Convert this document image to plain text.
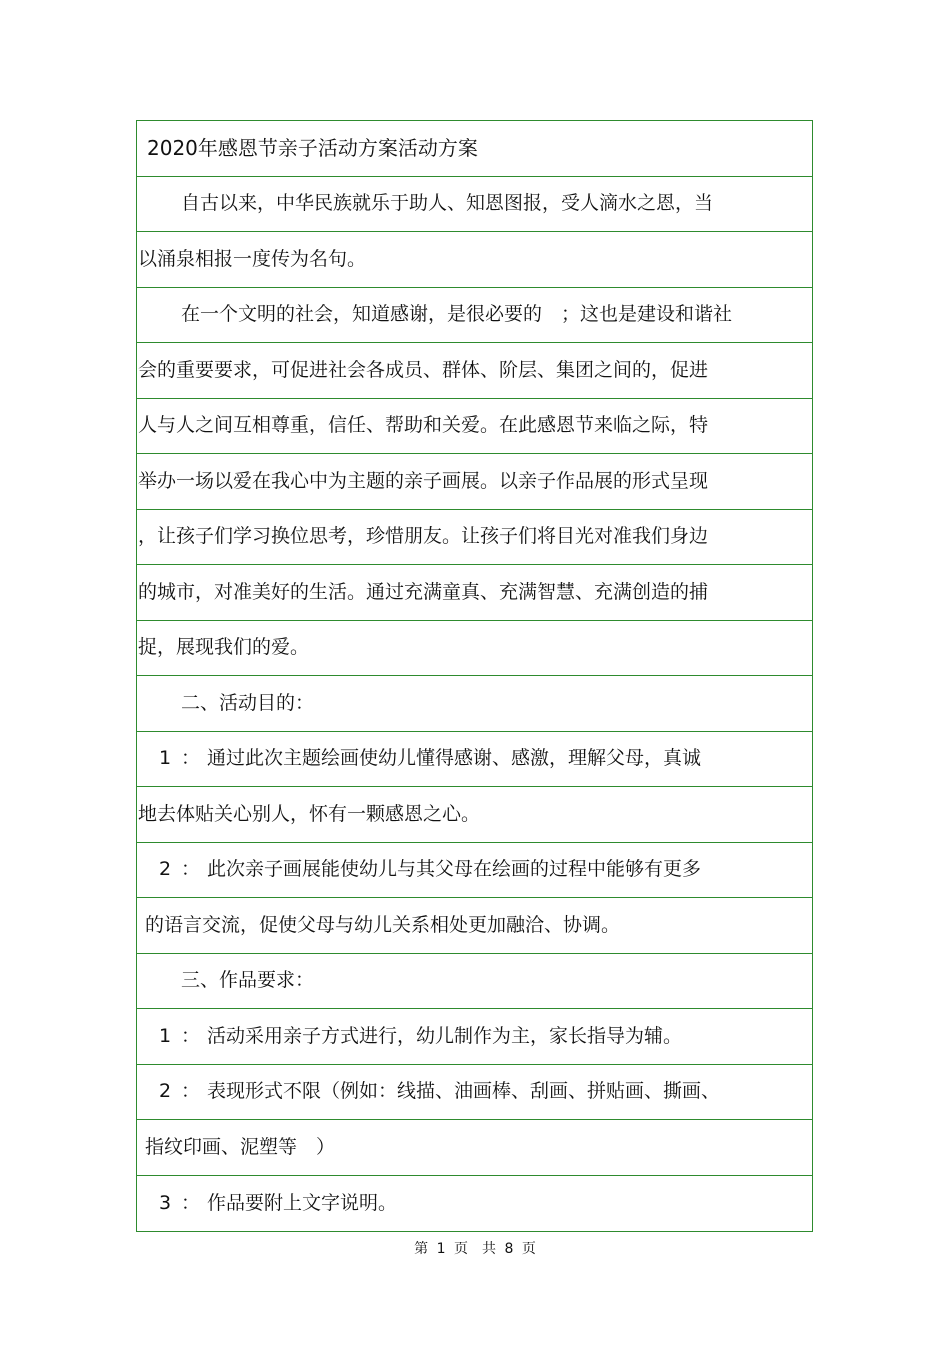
2020年感恩节亲子活动方案活动方案
自古以来，中华民族就乐于助人、知恩图报，受人滴水之恩，当
以涌泉相报一度传为名句。
在一个文明的社会，知道感谢，是很必要的　；这也是建设和谐社
会的重要要求，可促进社会各成员、群体、阶层、集团之间的，促进
人与人之间互相尊重，信任、帮助和关爱。在此感恩节来临之际，特
举办一场以爱在我心中为主题的亲子画展。以亲子作品展的形式呈现
，让孩子们学习换位思考，珍惜朋友。让孩子们将目光对准我们身边
的城市，对准美好的生活。通过充满童真、充满智慧、充满创造的捕
捉，展现我们的爱。
二、活动目的：
1 ： 通过此次主题绘画使幼儿懂得感谢、感激，理解父母，真诚
地去体贴关心别人，怀有一颗感恩之心。
2 ： 此次亲子画展能使幼儿与其父母在绘画的过程中能够有更多
的语言交流，促使父母与幼儿关系相处更加融洽、协调。
三、作品要求：
1 ： 活动采用亲子方式进行，幼儿制作为主，家长指导为辅。
2 ： 表现形式不限（例如：线描、油画棒、刮画、拼贴画、撕画、
指纹印画、泥塑等　）
3 ： 作品要附上文字说明。
第 1 页　共 8 页
